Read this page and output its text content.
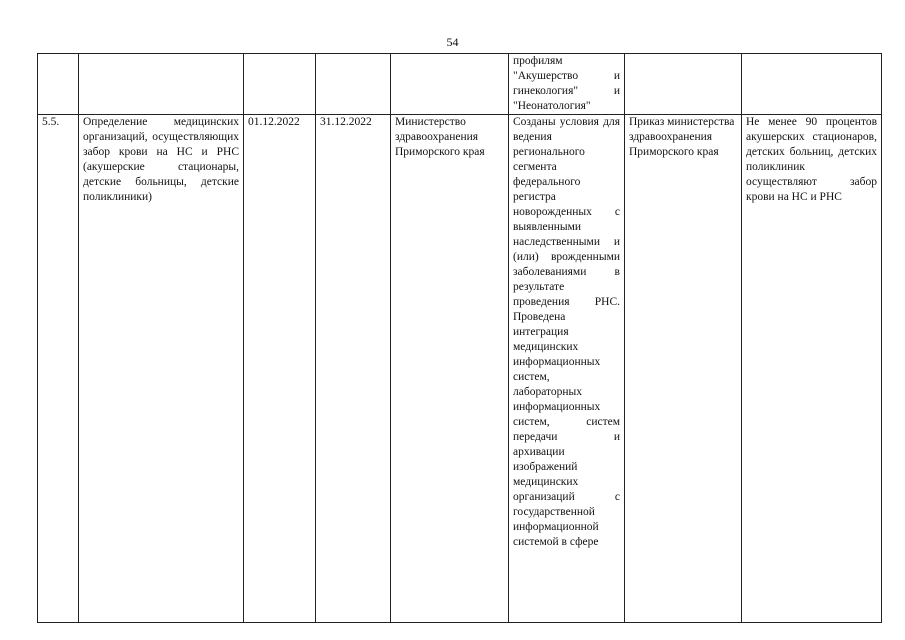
54
					профилям "Акушерство и гинекология" и "Неонатология"		
5.5.	Определение медицинских организаций, осуществляющих забор крови на НС и РНС (акушерские стационары, детские больницы, детские поликлиники)	01.12.2022	31.12.2022	Министерство здравоохранения Приморского края	Созданы условия для ведения регионального сегмента федерального регистра новорожденных с выявленными наследственными и (или) врожденными заболеваниями в результате проведения РНС. Проведена интеграция медицинских информационных систем, лабораторных информационных систем, систем передачи и архивации изображений медицинских организаций с государственной информационной системой в сфере	Приказ министерства здравоохранения Приморского края	Не менее 90 процентов акушерских стационаров, детских больниц, детских поликлиник осуществляют забор крови на НС и РНС
